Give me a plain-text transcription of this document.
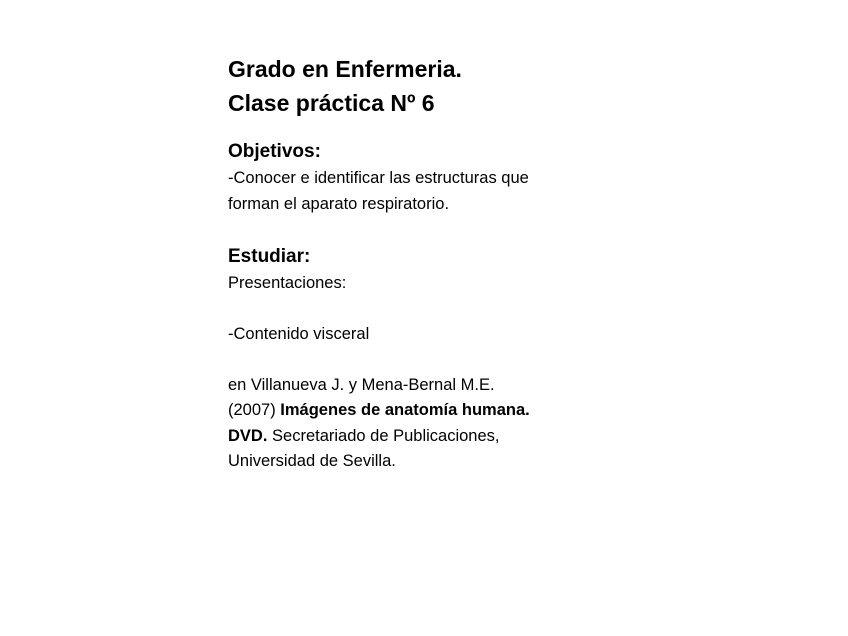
Grado en Enfermeria.
Clase práctica Nº 6
Objetivos:
-Conocer e identificar las estructuras que
forman el aparato respiratorio.
Estudiar:
Presentaciones:
-Contenido visceral
en Villanueva J. y Mena-Bernal M.E.
(2007) Imágenes de anatomía humana.
DVD. Secretariado de Publicaciones,
Universidad de Sevilla.
